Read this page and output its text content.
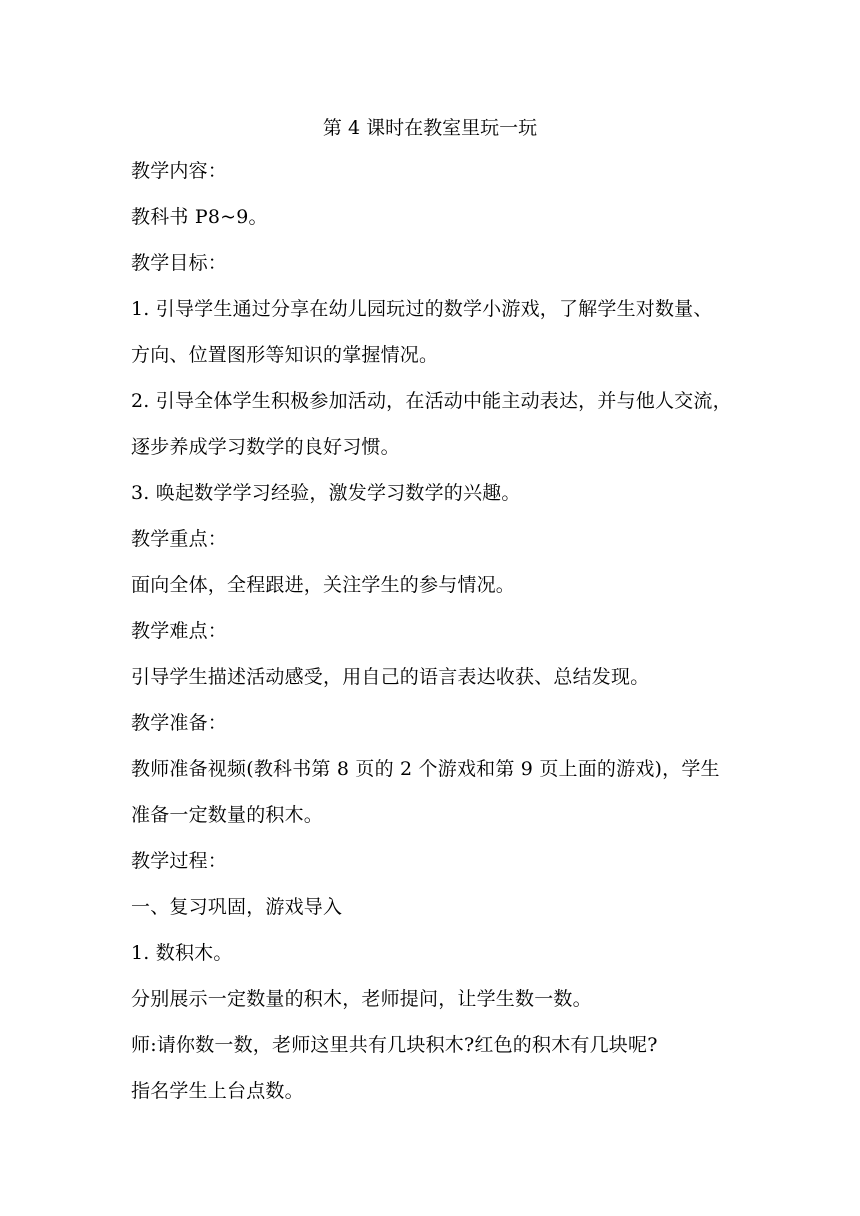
第 4 课时在教室里玩一玩
教学内容：
教科书 P8~9。
教学目标：
1. 引导学生通过分享在幼儿园玩过的数学小游戏，了解学生对数量、
方向、位置图形等知识的掌握情况。
2. 引导全体学生积极参加活动，在活动中能主动表达，并与他人交流，
逐步养成学习数学的良好习惯。
3. 唤起数学学习经验，激发学习数学的兴趣。
教学重点：
面向全体，全程跟进，关注学生的参与情况。
教学难点：
引导学生描述活动感受，用自己的语言表达收获、总结发现。
教学准备：
教师准备视频(教科书第 8 页的 2 个游戏和第 9 页上面的游戏)，学生
准备一定数量的积木。
教学过程：
一、复习巩固，游戏导入
1. 数积木。
分别展示一定数量的积木，老师提问，让学生数一数。
师:请你数一数，老师这里共有几块积木?红色的积木有几块呢?
指名学生上台点数。
